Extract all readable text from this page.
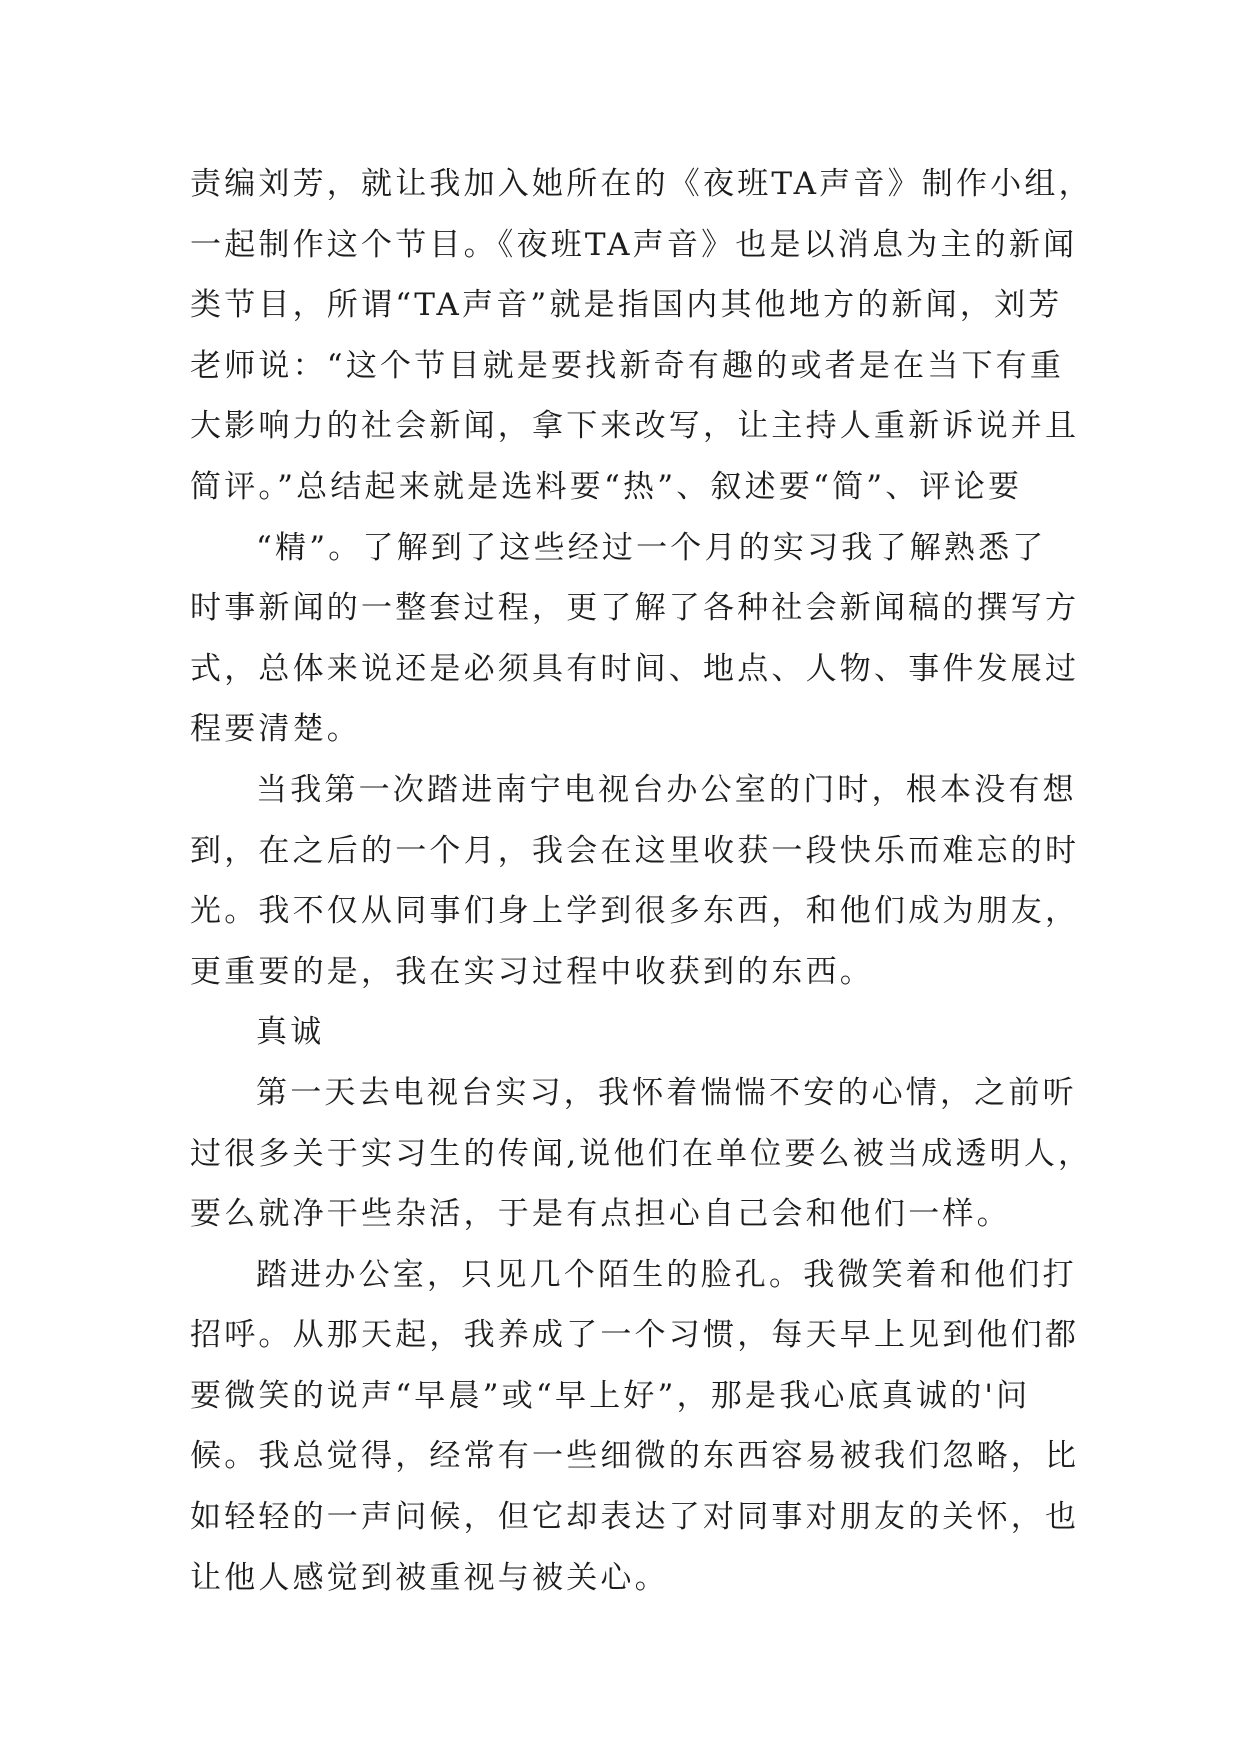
责编刘芳，就让我加入她所在的《夜班TA声音》制作小组，
一起制作这个节目。《夜班TA声音》也是以消息为主的新闻
类节目，所谓“TA声音”就是指国内其他地方的新闻，刘芳
老师说：“这个节目就是要找新奇有趣的或者是在当下有重
大影响力的社会新闻，拿下来改写，让主持人重新诉说并且
简评。”总结起来就是选料要“热”、叙述要“简”、评论要
“精”。了解到了这些经过一个月的实习我了解熟悉了
时事新闻的一整套过程，更了解了各种社会新闻稿的撰写方
式，总体来说还是必须具有时间、地点、人物、事件发展过
程要清楚。
当我第一次踏进南宁电视台办公室的门时，根本没有想
到，在之后的一个月，我会在这里收获一段快乐而难忘的时
光。我不仅从同事们身上学到很多东西，和他们成为朋友，
更重要的是，我在实习过程中收获到的东西。
真诚
第一天去电视台实习，我怀着惴惴不安的心情，之前听
过很多关于实习生的传闻,说他们在单位要么被当成透明人，
要么就净干些杂活，于是有点担心自己会和他们一样。
踏进办公室，只见几个陌生的脸孔。我微笑着和他们打
招呼。从那天起，我养成了一个习惯，每天早上见到他们都
要微笑的说声“早晨”或“早上好”，那是我心底真诚的'问
候。我总觉得，经常有一些细微的东西容易被我们忽略，比
如轻轻的一声问候，但它却表达了对同事对朋友的关怀，也
让他人感觉到被重视与被关心。
